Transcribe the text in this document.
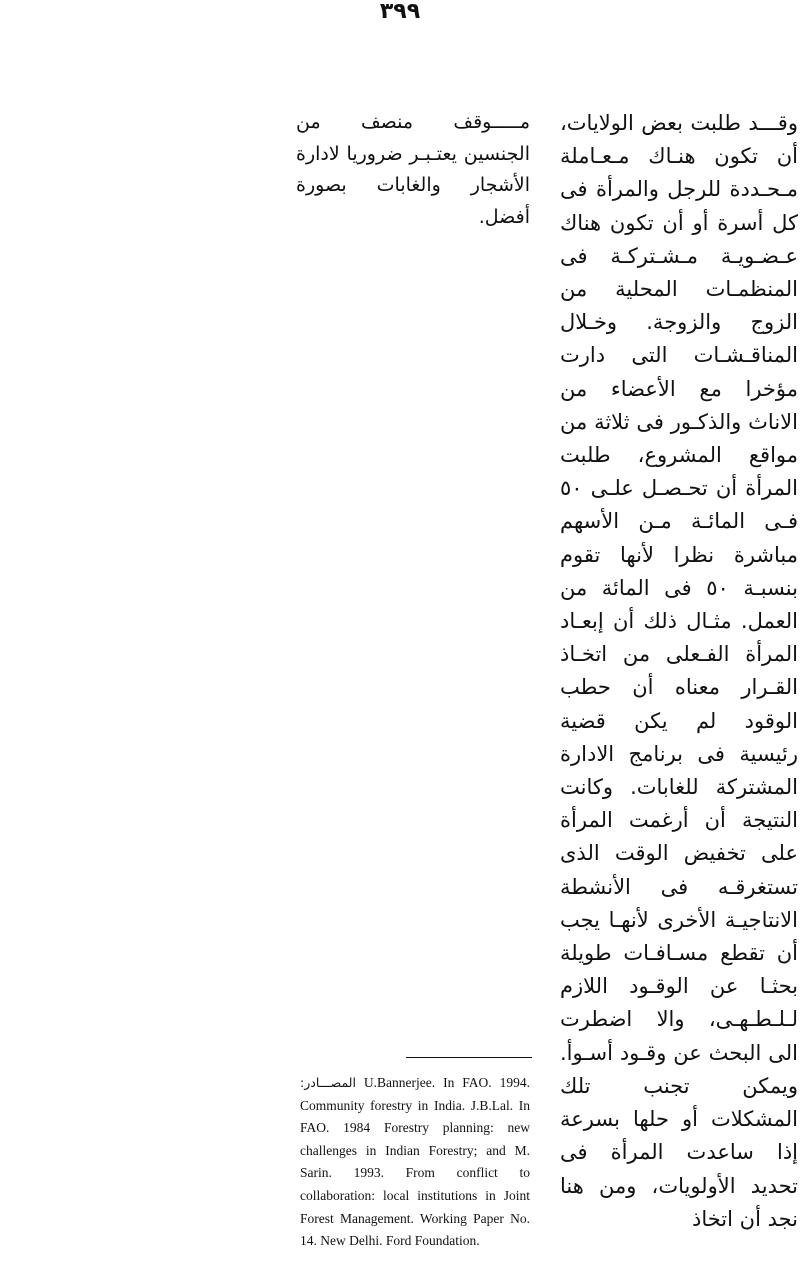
٣٩٩

وقـــد طلبت بعض الولايات، أن تكون هنـاك مـعـاملة مـحـددة للرجل والمرأة فى كل أسرة أو أن تكون هناك عـضـويـة مـشـتركـة فى المنظمـات المحلية من الزوج والزوجة. وخـلال المناقـشـات التى دارت مؤخرا مع الأعضاء من الاناث والذكـور فى ثلاثة من مواقع المشروع، طلبت المرأة أن تحـصـل علـى ٥٠ فـى المائـة مـن الأسهم مباشرة نظرا لأنها تقوم بنسبـة ٥٠ فى المائة من العمل. مثـال ذلك أن إبعـاد المرأة الفـعلى من اتخـاذ القـرار معناه أن حطب الوقود لم يكن قضية رئيسية فى برنامج الادارة المشتركة للغابات. وكانت النتيجة أن أرغمت المرأة على تخفيض الوقت الذى تستغرقـه فى الأنشطة الانتاجيـة الأخرى لأنهـا يجب أن تقطع مسـافـات طويلة بحثـا عن الوقـود اللازم لـلـطـهـى، والا اضطرت الى البحث عن وقـود أسـوأ. ويمكن تجنب تلك المشكلات أو حلها بسرعة إذا ساعدت المرأة فى تحديد الأولويات، ومن هنا نجد أن اتخاذ

مـــــوقف منصف من الجنسين يعتـبـر ضروريا لادارة الأشجار والغابات بصورة أفضل.

المصـــادر: U.Bannerjee. In FAO. 1994. Community forestry in India. J.B.Lal. In FAO. 1984 Forestry planning: new challenges in Indian Forestry; and M. Sarin. 1993. From conflict to collaboration: local institutions in Joint Forest Management. Working Paper No. 14. New Delhi. Ford Foundation.
